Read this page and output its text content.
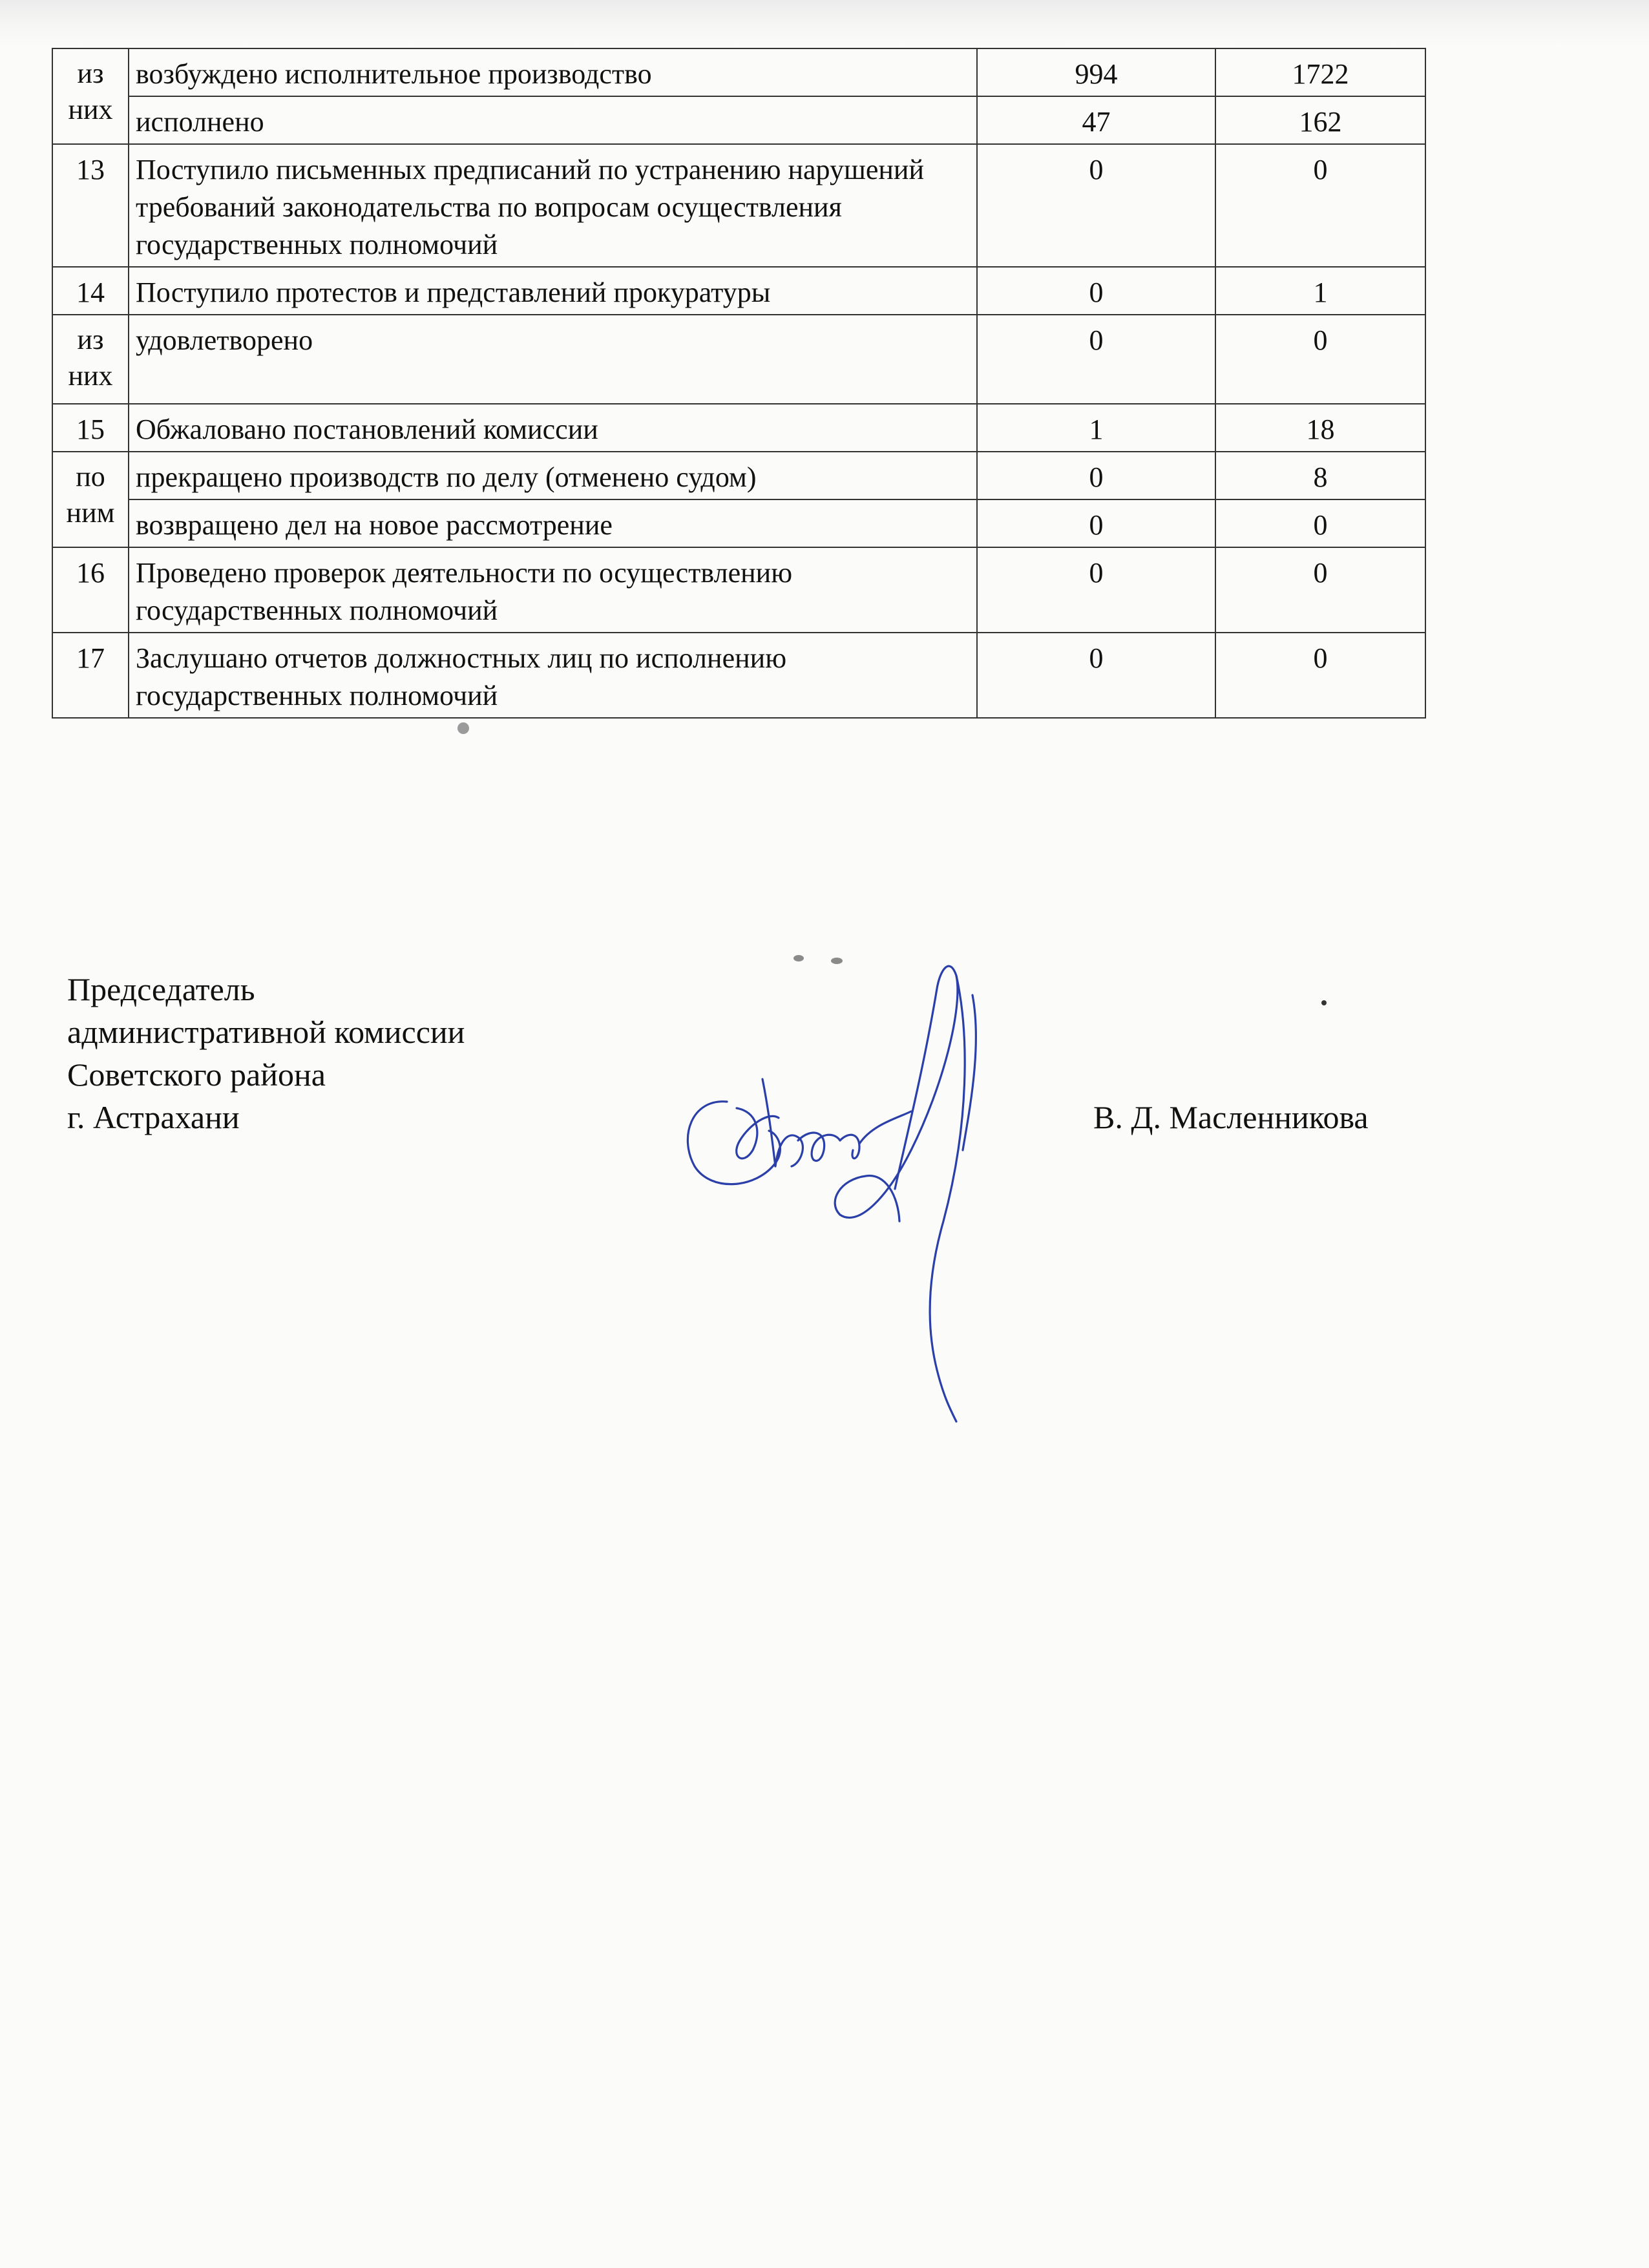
из них	возбуждено исполнительное производство	994	1722
	исполнено	47	162
13	Поступило письменных предписаний по устранению нарушений требований законодательства по вопросам осуществления государственных полномочий	0	0
14	Поступило протестов и представлений прокуратуры	0	1
из них	удовлетворено	0	0
15	Обжаловано постановлений комиссии	1	18
по ним	прекращено производств по делу (отменено судом)	0	8
	возвращено дел на новое рассмотрение	0	0
16	Проведено проверок деятельности по осуществлению государственных полномочий	0	0
17	Заслушано отчетов должностных лиц по исполнению государственных полномочий	0	0
Председатель
административной комиссии
Советского района
г. Астрахани	В. Д. Масленникова
